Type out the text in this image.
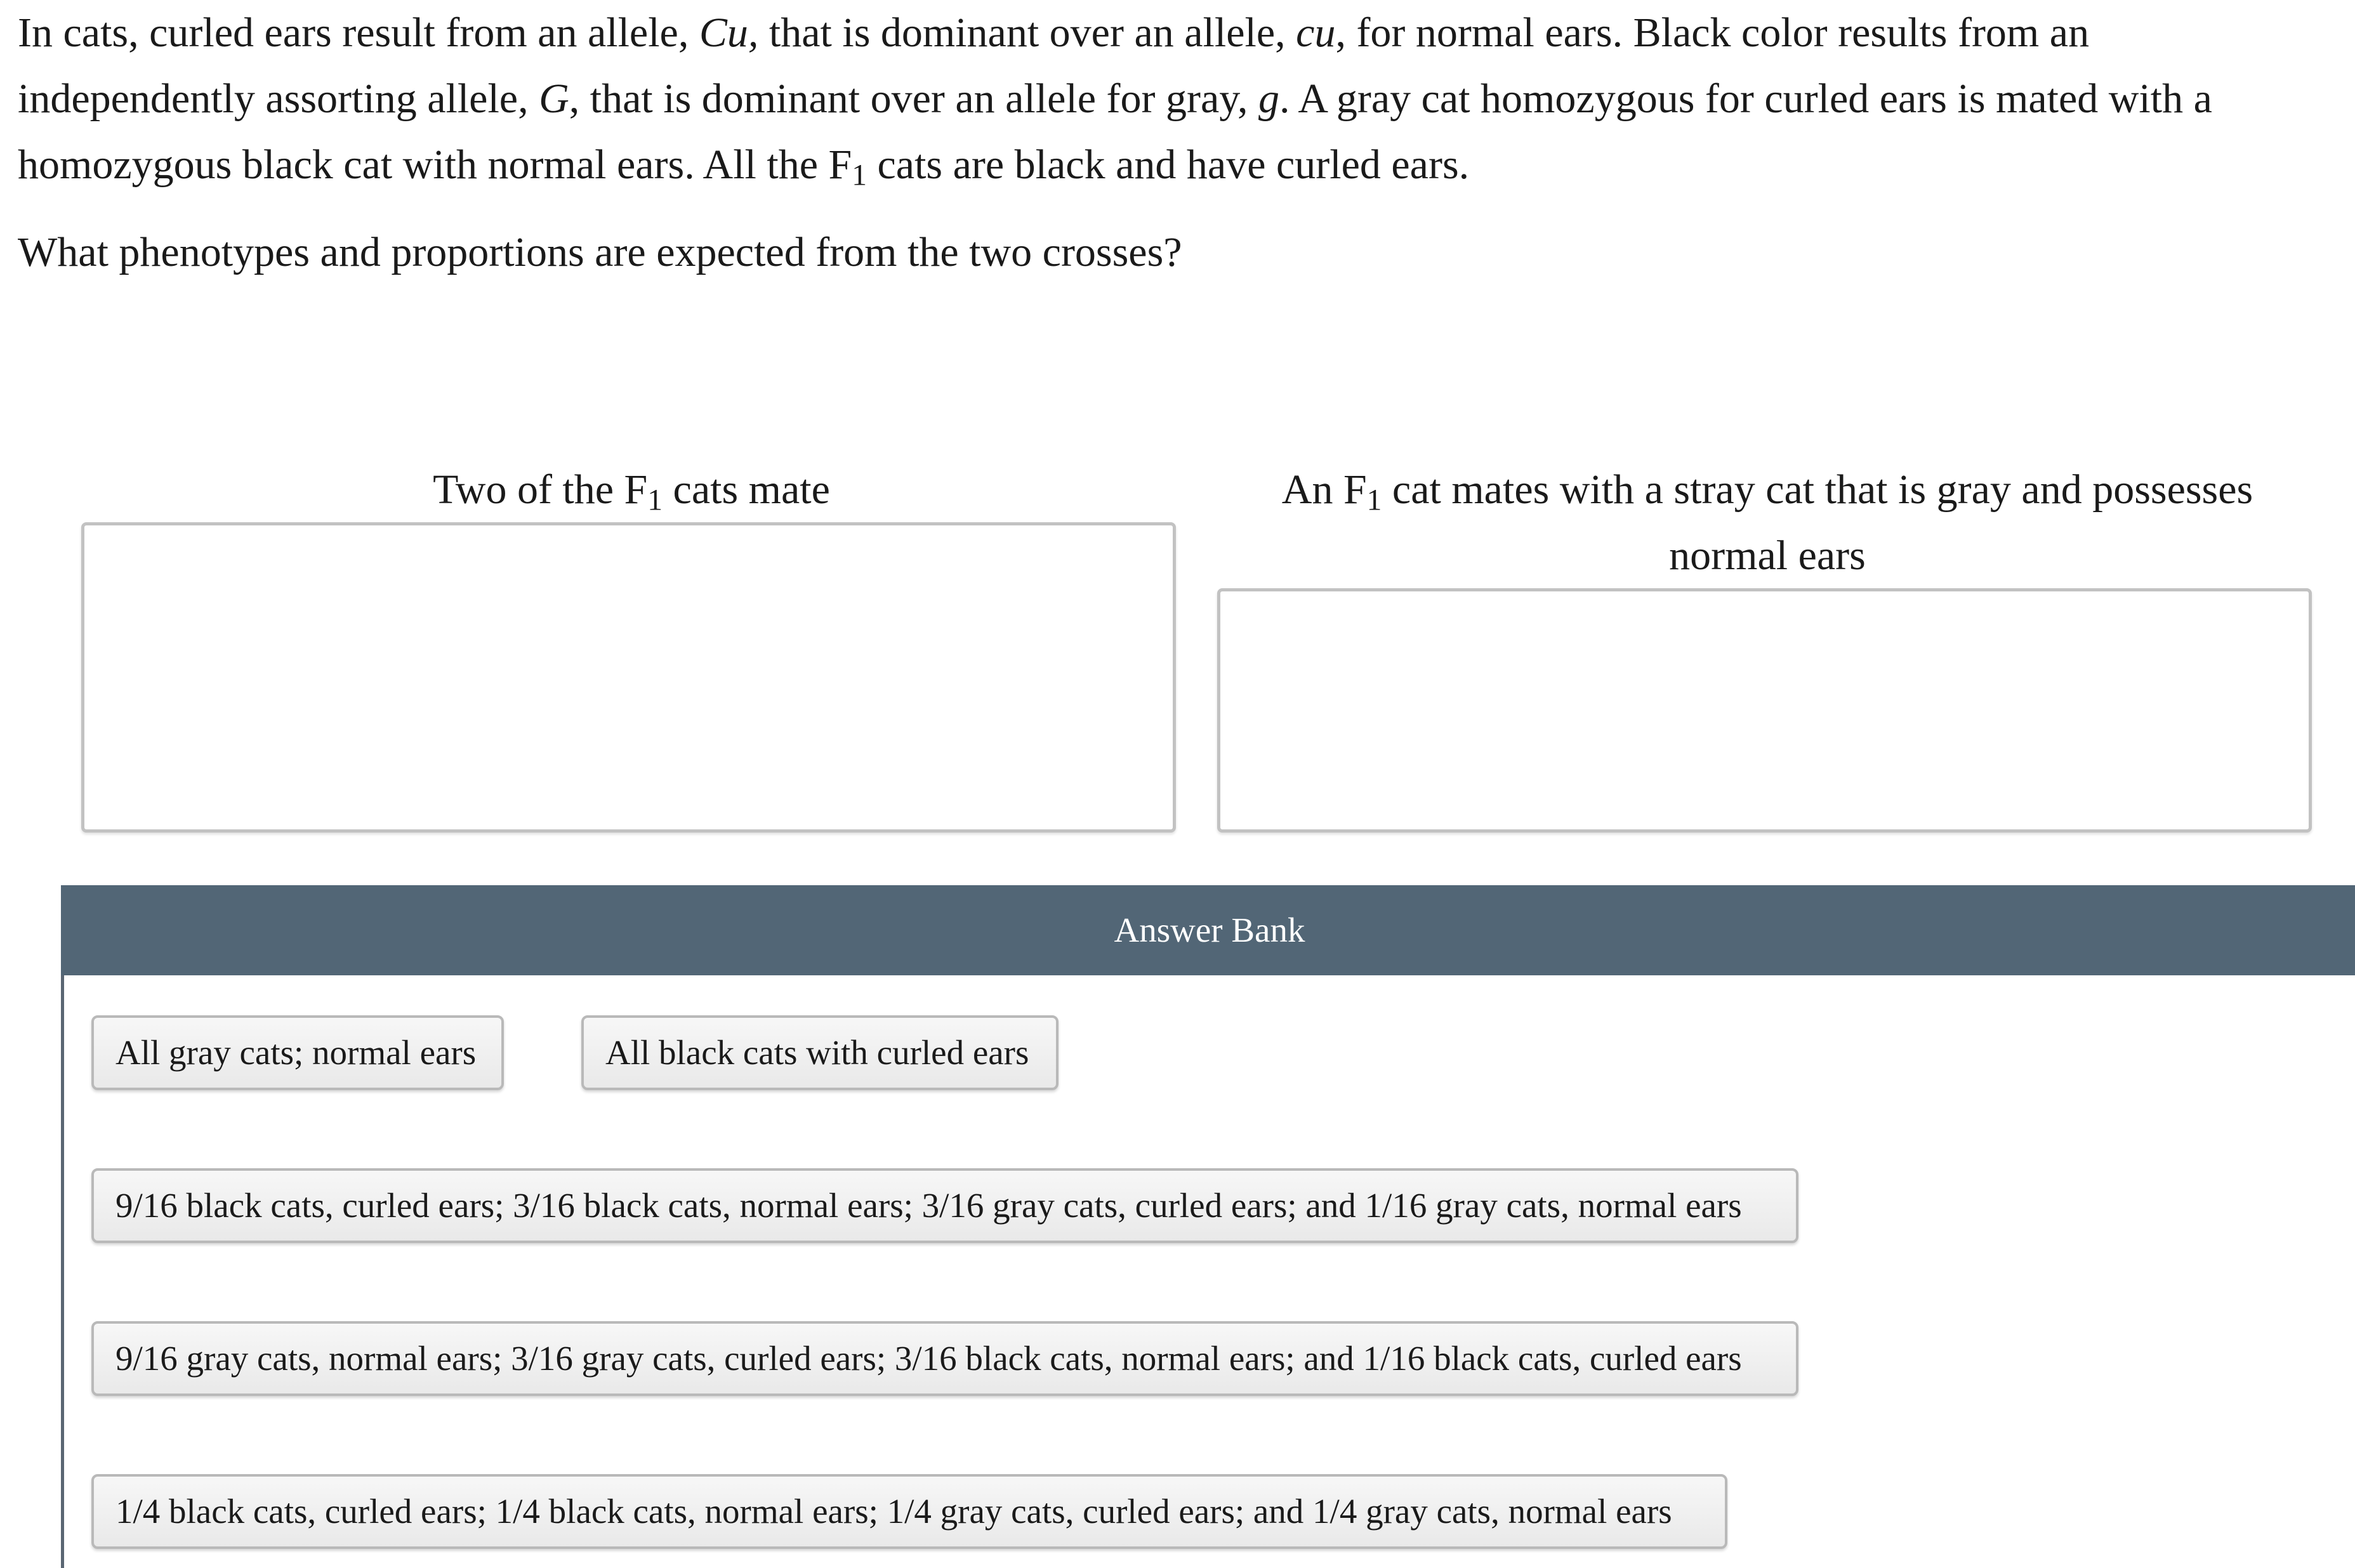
In cats, curled ears result from an allele, Cu, that is dominant over an allele, cu, for normal ears. Black color results from an independently assorting allele, G, that is dominant over an allele for gray, g. A gray cat homozygous for curled ears is mated with a homozygous black cat with normal ears. All the $F_1$ cats are black and have curled ears.

What phenotypes and proportions are expected from the two crosses?

Two of the $F_1$ cats mate	An $F_1$ cat mates with a stray cat that is gray and possesses normal ears
Answer Bank
All gray cats; normal ears	All black cats with curled ears
9/16 black cats, curled ears; 3/16 black cats, normal ears; 3/16 gray cats, curled ears; and 1/16 gray cats, normal ears
9/16 gray cats, normal ears; 3/16 gray cats, curled ears; 3/16 black cats, normal ears; and 1/16 black cats, curled ears
1/4 black cats, curled ears; 1/4 black cats, normal ears; 1/4 gray cats, curled ears; and 1/4 gray cats, normal ears
